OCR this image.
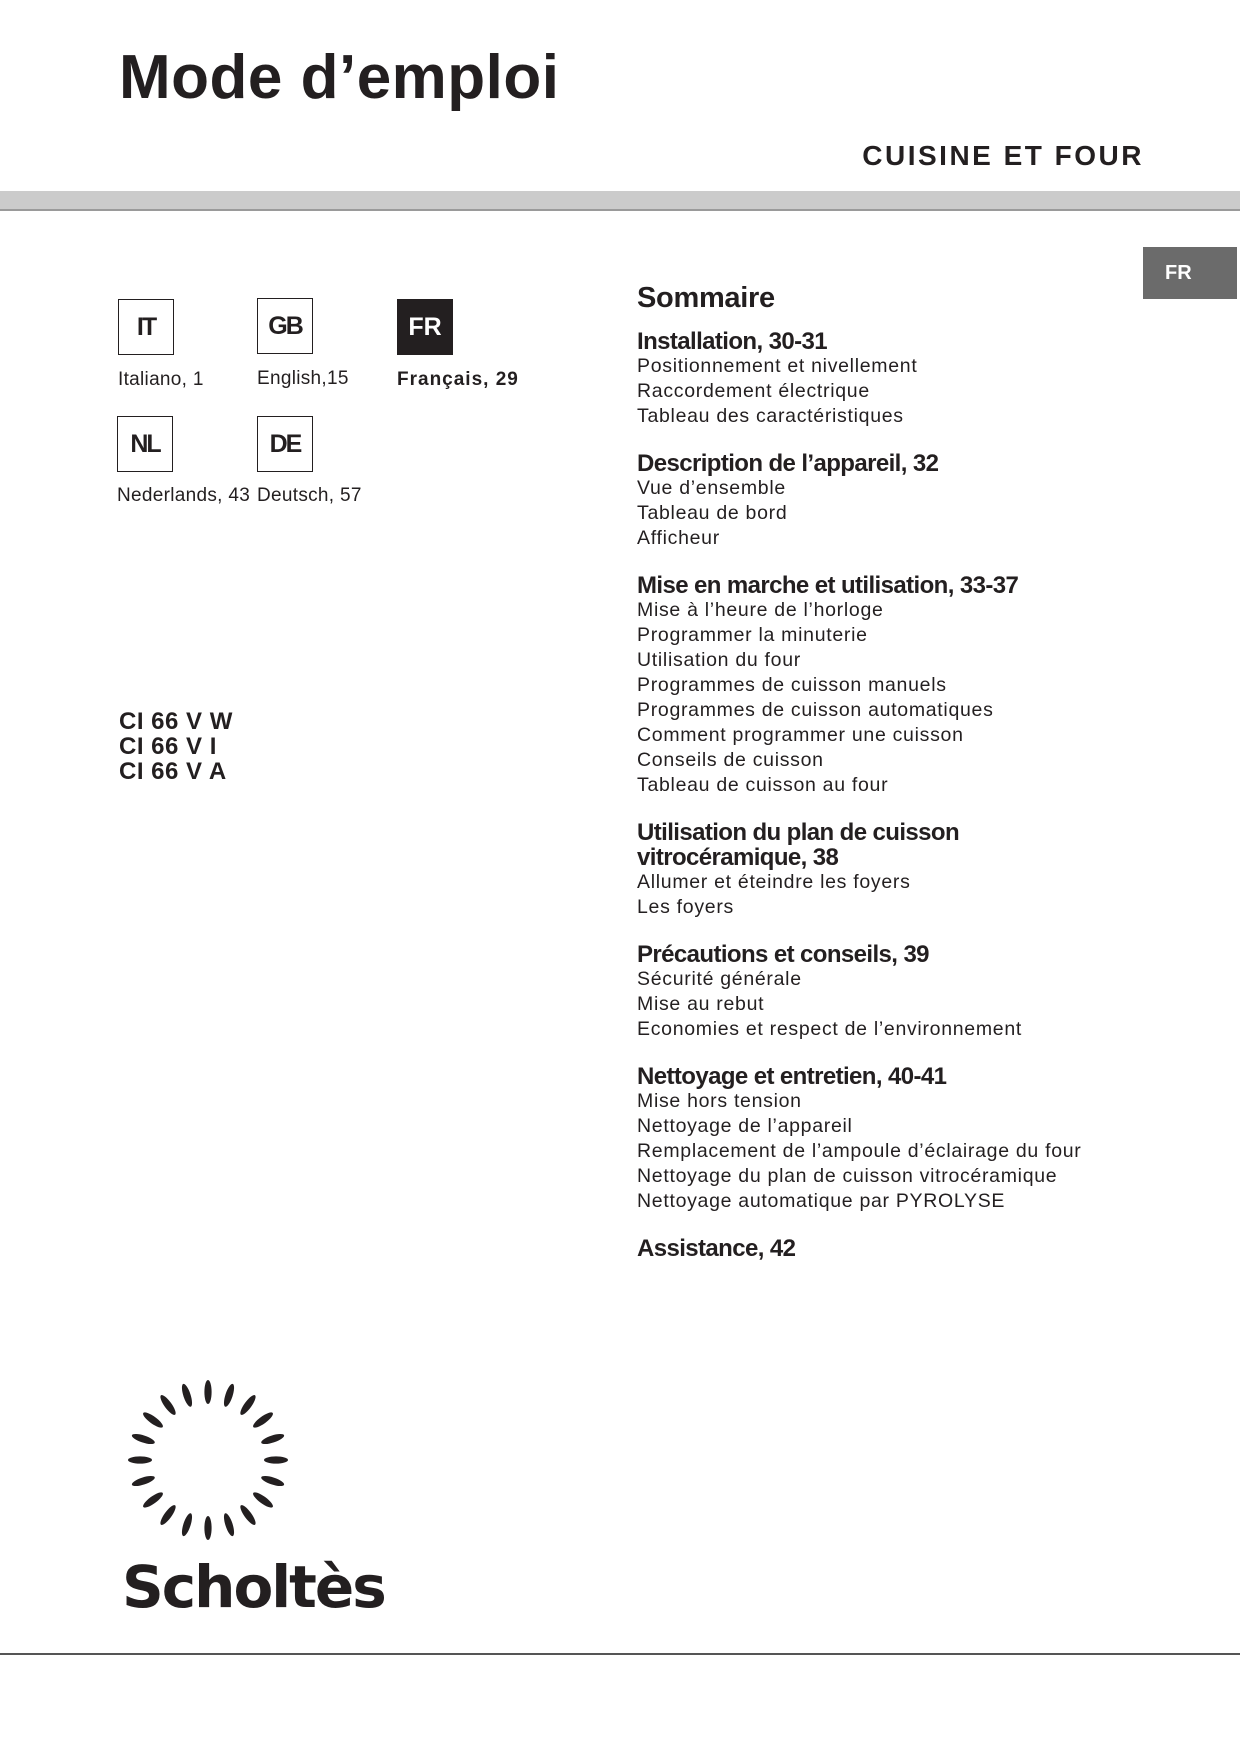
Mode d’emploi
CUISINE ET FOUR
FR
IT
Italiano, 1
GB
English,15
FR
Français, 29
NL
Nederlands, 43
DE
Deutsch, 57
CI 66 V W
CI 66 V I
CI 66 V A
Sommaire
Installation, 30-31
Positionnement et nivellement
Raccordement électrique
Tableau des caractéristiques
Description de l’appareil, 32
Vue d’ensemble
Tableau de bord
Afficheur
Mise en marche et utilisation, 33-37
Mise à l’heure de l’horloge
Programmer la minuterie
Utilisation du four
Programmes de cuisson manuels
Programmes de cuisson automatiques
Comment programmer une cuisson
Conseils de cuisson
Tableau de cuisson au four
Utilisation du plan de cuisson vitrocéramique, 38
Allumer et éteindre les foyers
Les foyers
Précautions et conseils, 39
Sécurité générale
Mise au rebut
Economies et respect de l’environnement
Nettoyage et entretien, 40-41
Mise hors tension
Nettoyage de l’appareil
Remplacement de l’ampoule d’éclairage du four
Nettoyage du plan de cuisson vitrocéramique
Nettoyage automatique par PYROLYSE
Assistance, 42
Scholtès
